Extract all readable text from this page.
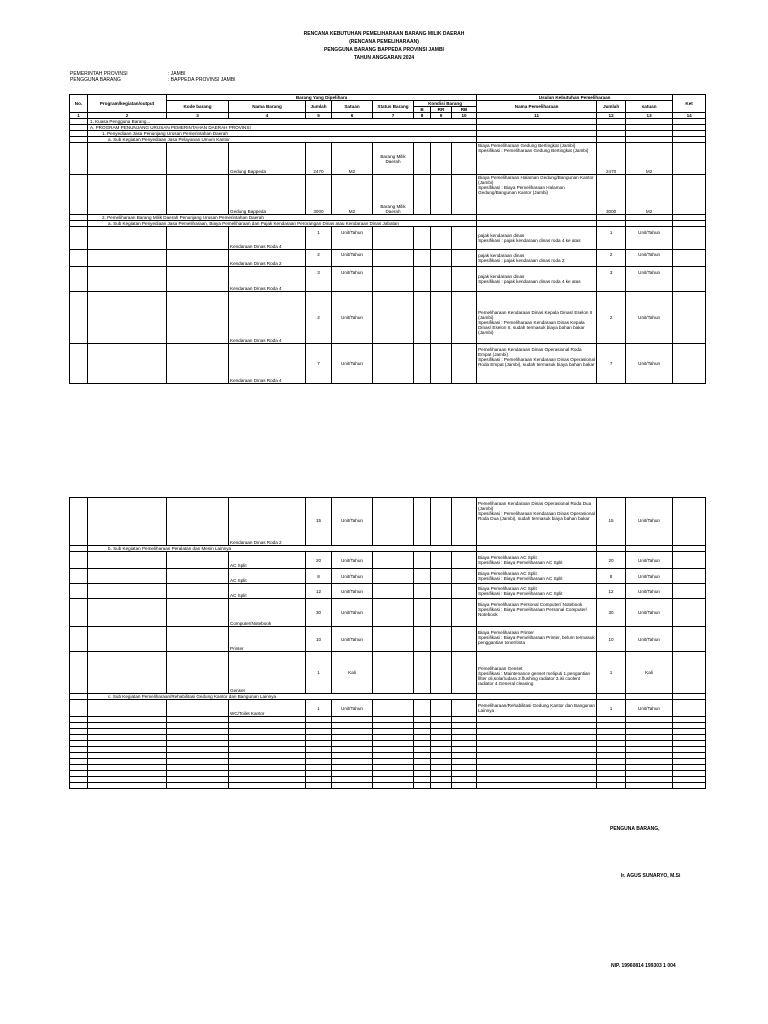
RENCANA KEBUTUHAN PEMELIHARAAN BARANG MILIK DAERAH
(RENCANA PEMELIHARAAN)
PENGGUNA BARANG BAPPEDA PROVINSI JAMBI
TAHUN ANGGARAN 2024
PEMERINTAH PROVINSI	: JAMBI
PENGGUNA BARANG	: BAPPEDA PROVINSI JAMBI
No.	Program/kegiatan/output	Barang Yang Dipelihara								Usulan Kebutuhan Pemeliharaan			Ket
		Kode barang	Nama Barang	Jumlah	Satuan	Status Barang	Kondisi Barang			Nama Pemeliharaan	Jumlah	satuan	
							B	RR	RB				
1	2	3	4	5	6	7	8	9	10	11	12	13	14
	1. Kuasa Pengguna Barang...												
	A. PROGRAM PENUNJANG URUSAN PEMERINTAHAN DAERAH PROVINSI												
	1. Penyediaan Jasa Penunjang Urusan Pemerintahan Daerah												
	a. Sub Kegiatan Penyediaan Jasa Pelayanan Umum Kantor												
			Gedung Bappeda	2470	M2	Barang Milik Daerah				Biaya Pemeliharaan Gedung Bertingkat (Jambi)
Spesifikasi : Pemeliharaan Gedung Bertingkat (Jambi)	2470	M2	
			Gedung Bappeda	3000	M2	Barang Milik Daerah				Biaya Pemeliharaan Halaman Gedung/Bangunan Kantor (Jambi)
Spesifikasi : Biaya Pemeliharaan Halaman Gedung/Bangunan Kantor (Jambi)	3000	M2	
	2. Pemeliharaan Barang Milik Daerah Penunjang Urusan Pemerintahan Daerah												
	a. Sub Kegiatan Penyediaan Jasa Pemeliharaan, Biaya Pemeliharaan dan Pajak Kendaraan Perorangan Dinas atau Kendaraan Dinas Jabatan												
			Kendaraan Dinas Roda 4	1	Unit/Tahun					pajak kendaraan dinas
Spesifikasi : pajak kendaraan dinas roda 4 ke atas	1	Unit/Tahun	
			Kendaraan Dinas Roda 2	2	Unit/Tahun					pajak kendaraan dinas
Spesifikasi : pajak kendaraan dinas roda 2	2	Unit/Tahun	
			Kendaraan Dinas Roda 4	3	Unit/Tahun					pajak kendaraan dinas
Spesifikasi : pajak kendaraan dinas roda 4 ke atas	3	Unit/Tahun	
			Kendaraan Dinas Roda 4	2	Unit/Tahun					Pemeliharaan Kendaraan Dinas Kepala Dinas/ Eselon II (Jambi)
Spesifikasi : Pemeliharaan Kendaraan Dinas Kepala Dinas/ Eselon II, sudah termasuk biaya bahan bakar (Jambi)	2	Unit/Tahun	
			Kendaraan Dinas Roda 4	7	Unit/Tahun					Pemeliharaan Kendaraan Dinas Operasional Roda Empat (Jambi)
Spesifikasi : Pemeliharaan Kendaraan Dinas Operasional Roda Empat (Jambi), sudah termasuk biaya bahan bakar	7	Unit/Tahun	
			Kendaraan Dinas Roda 2	15	Unit/Tahun					Pemeliharaan Kendaraan Dinas Operasional Roda Dua (Jambi)
Spesifikasi : Pemeliharaan Kendaraan Dinas Operasional Roda Dua (Jambi), sudah termasuk biaya bahan bakar	15	Unit/Tahun	
	b. Sub Kegiatan Pemeliharaan Peralatan dan Mesin Lainnya												
			AC Split	20	Unit/Tahun					Biaya Pemeliharaan AC Split
Spesifikasi : Biaya Pemeliharaan AC Split	20	Unit/Tahun	
			AC Split	8	Unit/Tahun					Biaya Pemeliharaan AC Split
Spesifikasi : Biaya Pemeliharaan AC Split	8	Unit/Tahun	
			AC Split	12	Unit/Tahun					Biaya Pemeliharaan AC Split
Spesifikasi : Biaya Pemeliharaan AC Split	12	Unit/Tahun	
			Computer/Notebook	30	Unit/Tahun					Biaya Pemeliharaan Personal Computer/ Notebook
Spesifikasi : Biaya Pemeliharaan Personal Computer/ Notebook	30	Unit/Tahun	
			Printer	10	Unit/Tahun					Biaya Pemeliharaan Printer
Spesifikasi : Biaya Pemeliharaan Printer, belum termasuk penggantian toner/tinta	10	Unit/Tahun	
			Genset	1	Kali					Pemeliharaan Genset
Spesifikasi : Maintenance genset meliputi 1.pengantian filter oli,solar\udara 2.flushing radiator 3.isi coolent radiator 4.General cleaning	1	Kali	
	c. Sub Kegiatan Pemeliharaan/Rehabilitasi Gedung Kantor dan Bangunan Lainnya												
			WC/Toilet Kantor	1	Unit/Tahun					Pemeliharaan/Rehabilitasi Gedung Kantor dan Bangunan Lainnya	1	Unit/Tahun	

PENGUNA BARANG,
Ir. AGUS SUNARYO, M.Si
NIP. 19960814 199303 1 004
